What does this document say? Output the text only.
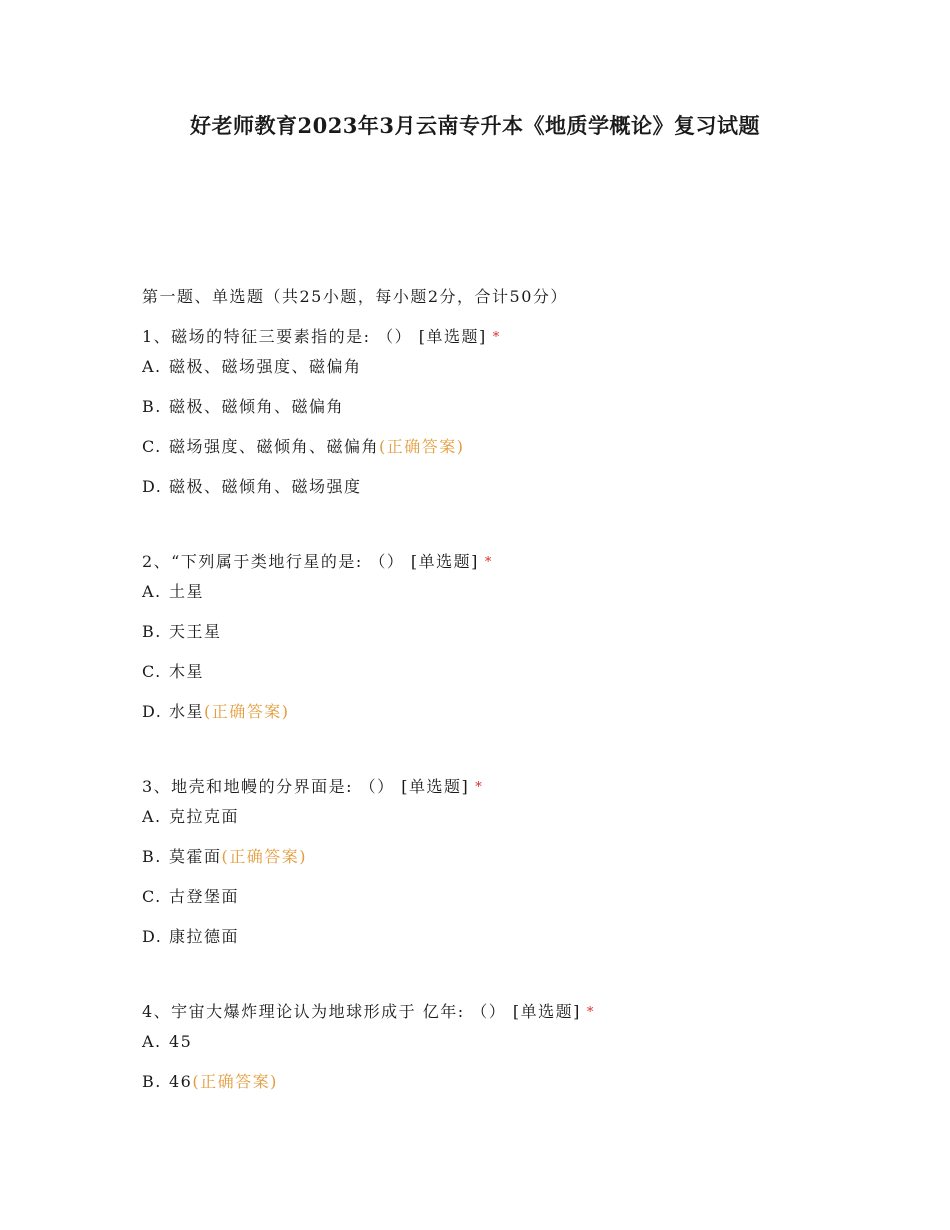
好老师教育2023年3月云南专升本《地质学概论》复习试题
第一题、单选题（共25小题，每小题2分，合计50分）
1、磁场的特征三要素指的是: （） [单选题] *
A. 磁极、磁场强度、磁偏角
B. 磁极、磁倾角、磁偏角
C. 磁场强度、磁倾角、磁偏角(正确答案)
D. 磁极、磁倾角、磁场强度
2、“下列属于类地行星的是: （） [单选题] *
A. 土星
B. 天王星
C. 木星
D. 水星(正确答案)
3、地壳和地幔的分界面是: （） [单选题] *
A. 克拉克面
B. 莫霍面(正确答案)
C. 古登堡面
D. 康拉德面
4、宇宙大爆炸理论认为地球形成于 亿年: （） [单选题] *
A. 45
B. 46(正确答案)
